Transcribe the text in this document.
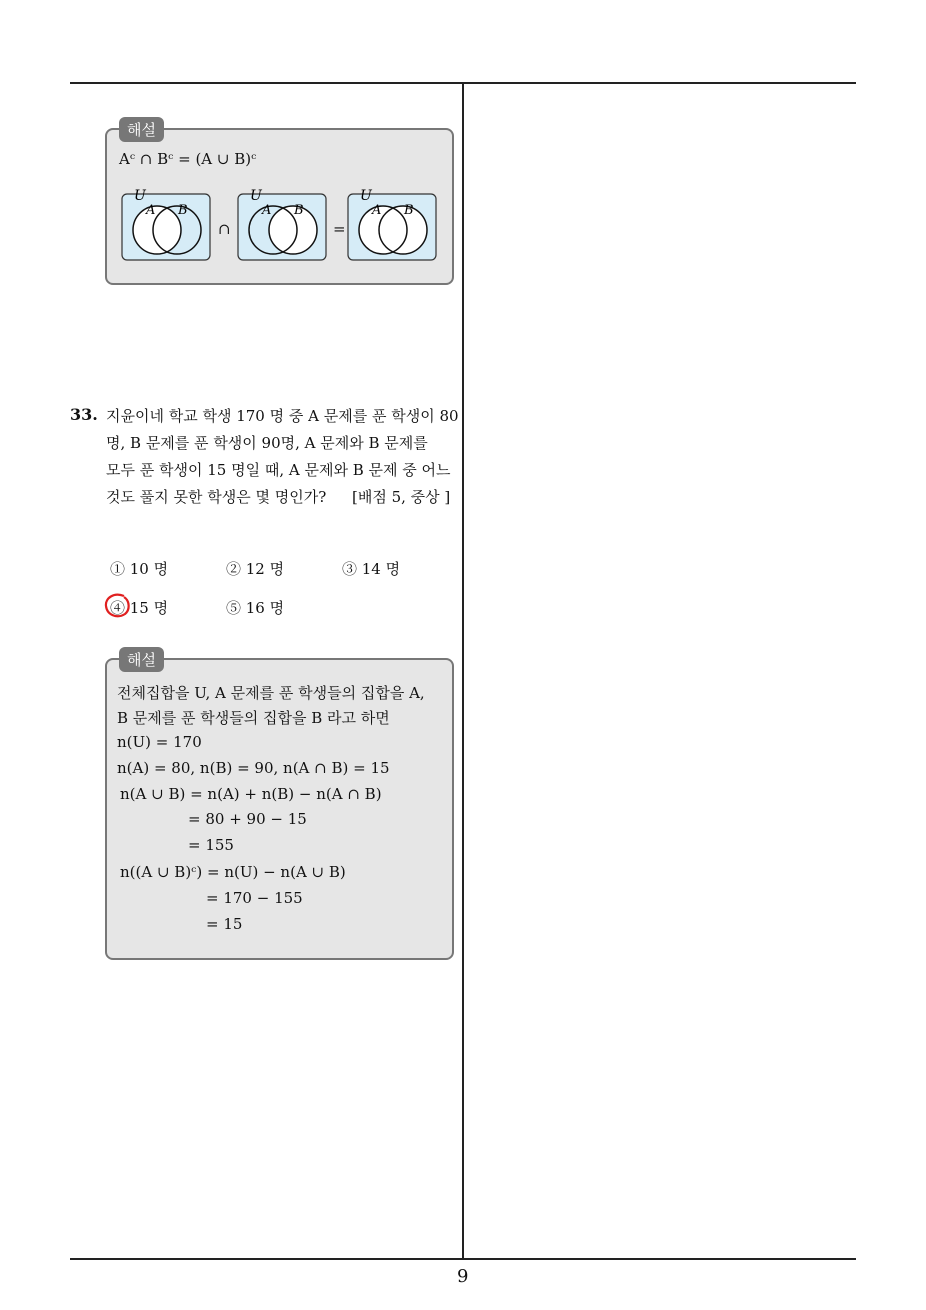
해설
Aᶜ ∩ Bᶜ = (A ∪ B)ᶜ
U
A B
∩
U
A B
=
U
A B
33. 지윤이네 학교 학생 170 명 중 A 문제를 푼 학생이 80
명, B 문제를 푼 학생이 90명, A 문제와 B 문제를
모두 푼 학생이 15 명일 때, A 문제와 B 문제 중 어느
것도 풀지 못한 학생은 몇 명인가? [배점 5, 중상 ]
① 10 명	② 12 명	③ 14 명
④ 15 명	⑤ 16 명
해설
전체집합을 U, A 문제를 푼 학생들의 집합을 A,
B 문제를 푼 학생들의 집합을 B 라고 하면
n(U) = 170
n(A) = 80, n(B) = 90, n(A ∩ B) = 15
n(A ∪ B) = n(A) + n(B) − n(A ∩ B)
= 80 + 90 − 15
= 155
n((A ∪ B)ᶜ) = n(U) − n(A ∪ B)
= 170 − 155
= 15
9
